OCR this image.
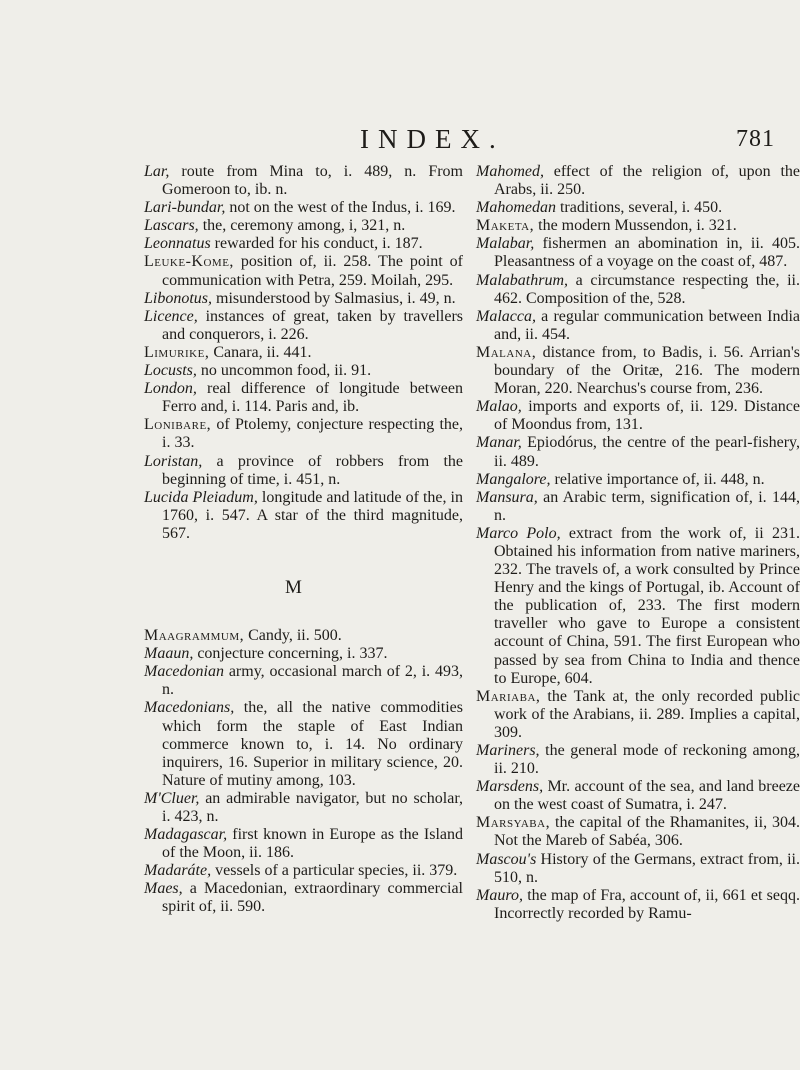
INDEX.	781

Lar, route from Mina to, i. 489, n. From Gomeroon to, ib. n.

Lari-bundar, not on the west of the Indus, i. 169.

Lascars, the, ceremony among, i, 321, n.

Leonnatus rewarded for his conduct, i. 187.

Leuke-Kome, position of, ii. 258. The point of communication with Petra, 259. Moilah, 295.

Libonotus, misunderstood by Salmasius, i. 49, n.

Licence, instances of great, taken by travellers and conquerors, i. 226.

Limurike, Canara, ii. 441.

Locusts, no uncommon food, ii. 91.

London, real difference of longitude between Ferro and, i. 114. Paris and, ib.

Lonibare, of Ptolemy, conjecture respecting the, i. 33.

Loristan, a province of robbers from the beginning of time, i. 451, n.

Lucida Pleiadum, longitude and latitude of the, in 1760, i. 547. A star of the third magnitude, 567.

M

Maagrammum, Candy, ii. 500.

Maaun, conjecture concerning, i. 337.

Macedonian army, occasional march of 2, i. 493, n.

Macedonians, the, all the native commodities which form the staple of East Indian commerce known to, i. 14. No ordinary inquirers, 16. Superior in military science, 20. Nature of mutiny among, 103.

M'Cluer, an admirable navigator, but no scholar, i. 423, n.

Madagascar, first known in Europe as the Island of the Moon, ii. 186.

Madaráte, vessels of a particular species, ii. 379.

Maes, a Macedonian, extraordinary commercial spirit of, ii. 590.

Mahomed, effect of the religion of, upon the Arabs, ii. 250.

Mahomedan traditions, several, i. 450.

Maketa, the modern Mussendon, i. 321.

Malabar, fishermen an abomination in, ii. 405. Pleasantness of a voyage on the coast of, 487.

Malabathrum, a circumstance respecting the, ii. 462. Composition of the, 528.

Malacca, a regular communication between India and, ii. 454.

Malana, distance from, to Badis, i. 56. Arrian's boundary of the Oritæ, 216. The modern Moran, 220. Nearchus's course from, 236.

Malao, imports and exports of, ii. 129. Distance of Moondus from, 131.

Manar, Epiodórus, the centre of the pearl-fishery, ii. 489.

Mangalore, relative importance of, ii. 448, n.

Mansura, an Arabic term, signification of, i. 144, n.

Marco Polo, extract from the work of, ii 231. Obtained his information from native mariners, 232. The travels of, a work consulted by Prince Henry and the kings of Portugal, ib. Account of the publication of, 233. The first modern traveller who gave to Europe a consistent account of China, 591. The first European who passed by sea from China to India and thence to Europe, 604.

Mariaba, the Tank at, the only recorded public work of the Arabians, ii. 289. Implies a capital, 309.

Mariners, the general mode of reckoning among, ii. 210.

Marsdens, Mr. account of the sea, and land breeze on the west coast of Sumatra, i. 247.

Marsyaba, the capital of the Rhamanites, ii, 304. Not the Mareb of Sabéa, 306.

Mascou's History of the Germans, extract from, ii. 510, n.

Mauro, the map of Fra, account of, ii, 661 et seqq. Incorrectly recorded by Ramu-
